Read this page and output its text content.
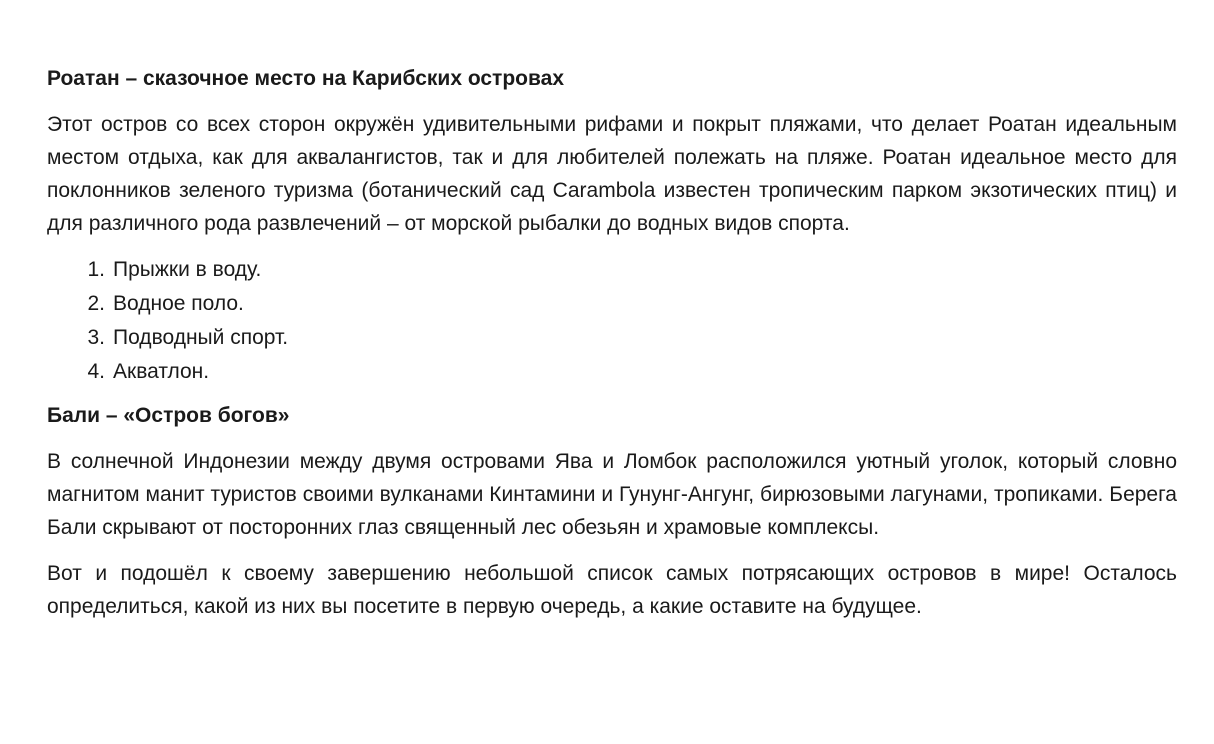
Роатан – сказочное место на Карибских островах

Этот остров со всех сторон окружён удивительными рифами и покрыт пляжами, что делает Роатан идеальным местом отдыха, как для аквалангистов, так и для любителей полежать на пляже. Роатан идеальное место для поклонников зеленого туризма (ботанический сад Carambola известен тропическим парком экзотических птиц) и для различного рода развлечений – от морской рыбалки до водных видов спорта.

1. Прыжки в воду.
2. Водное поло.
3. Подводный спорт.
4. Акватлон.

Бали – «Остров богов»

В солнечной Индонезии между двумя островами Ява и Ломбок расположился уютный уголок, который словно магнитом манит туристов своими вулканами Кинтамини и Гунунг-Ангунг, бирюзовыми лагунами, тропиками. Берега Бали скрывают от посторонних глаз священный лес обезьян и храмовые комплексы.

Вот и подошёл к своему завершению небольшой список самых потрясающих островов в мире! Осталось определиться, какой из них вы посетите в первую очередь, а какие оставите на будущее.
